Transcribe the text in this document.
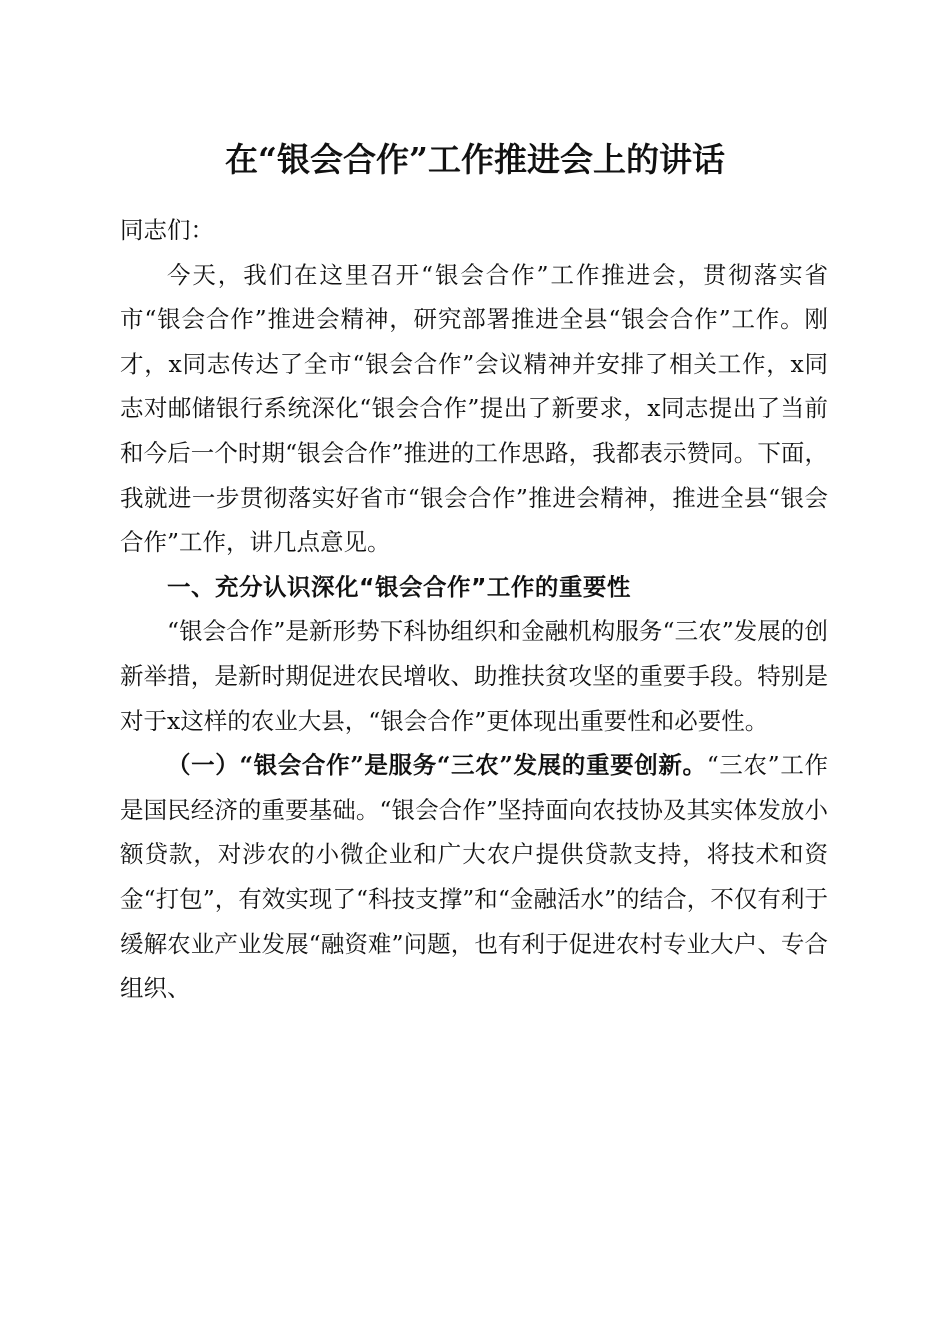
在“银会合作”工作推进会上的讲话

同志们：

今天，我们在这里召开“银会合作”工作推进会，贯彻落实省市“银会合作”推进会精神，研究部署推进全县“银会合作”工作。刚才，x同志传达了全市“银会合作”会议精神并安排了相关工作，x同志对邮储银行系统深化“银会合作”提出了新要求，x同志提出了当前和今后一个时期“银会合作”推进的工作思路，我都表示赞同。下面，我就进一步贯彻落实好省市“银会合作”推进会精神，推进全县“银会合作”工作，讲几点意见。

一、充分认识深化“银会合作”工作的重要性

“银会合作”是新形势下科协组织和金融机构服务“三农”发展的创新举措，是新时期促进农民增收、助推扶贫攻坚的重要手段。特别是对于x这样的农业大县，“银会合作”更体现出重要性和必要性。

（一）“银会合作”是服务“三农”发展的重要创新。“三农”工作是国民经济的重要基础。“银会合作”坚持面向农技协及其实体发放小额贷款，对涉农的小微企业和广大农户提供贷款支持，将技术和资金“打包”，有效实现了“科技支撑”和“金融活水”的结合，不仅有利于缓解农业产业发展“融资难”问题，也有利于促进农村专业大户、专合组织、
